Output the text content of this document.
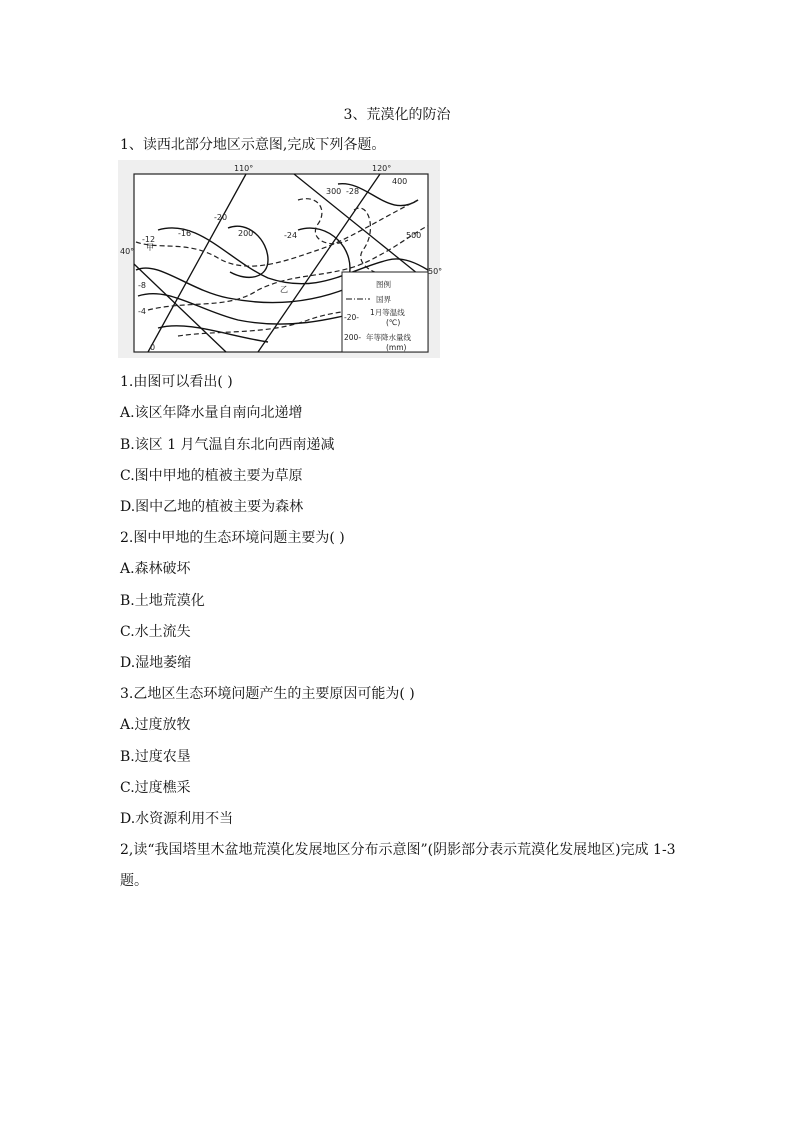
3、荒漠化的防治
1、读西北部分地区示意图,完成下列各题。
110°	120°
40°
50°
-12
-16
-20
-24
-28
-8
-4
0
200
300
400
500
甲
乙
图例
国界
-20-
1月等温线
(℃)
200- 年等降水量线
(mm)
1.由图可以看出( )
A.该区年降水量自南向北递增
B.该区 1 月气温自东北向西南递减
C.图中甲地的植被主要为草原
D.图中乙地的植被主要为森林
2.图中甲地的生态环境问题主要为( )
A.森林破坏
B.土地荒漠化
C.水土流失
D.湿地萎缩
3.乙地区生态环境问题产生的主要原因可能为( )
A.过度放牧
B.过度农垦
C.过度樵采
D.水资源利用不当
2,读“我国塔里木盆地荒漠化发展地区分布示意图”(阴影部分表示荒漠化发展地区)完成 1-3
题。
